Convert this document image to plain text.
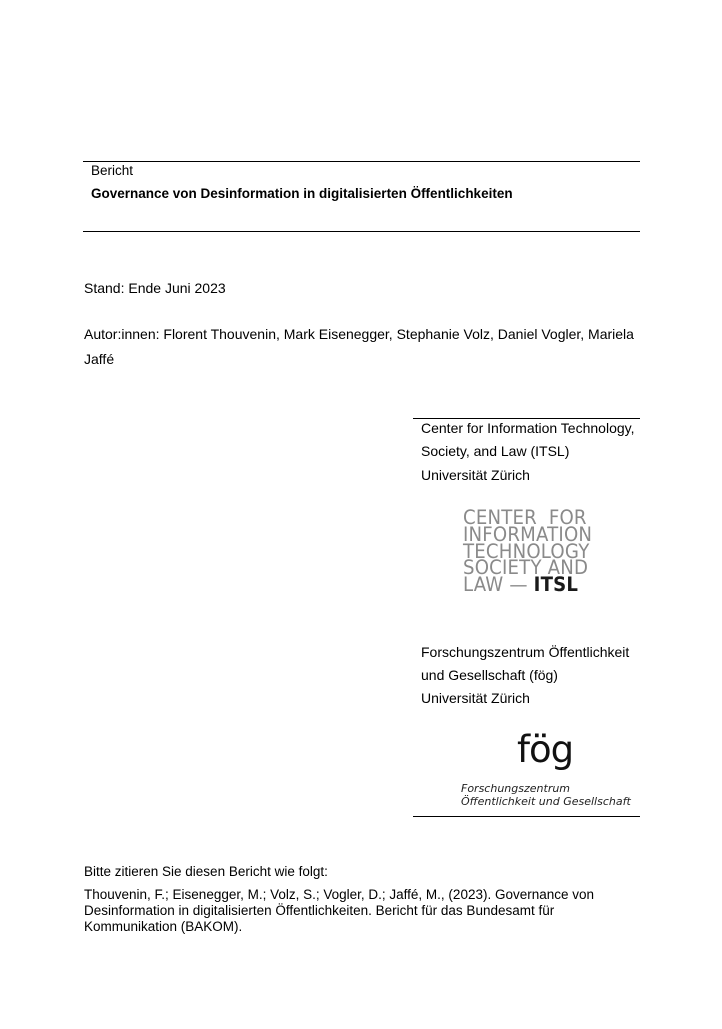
Bericht
Governance von Desinformation in digitalisierten Öffentlichkeiten
Stand: Ende Juni 2023
Autor:innen: Florent Thouvenin, Mark Eisenegger, Stephanie Volz, Daniel Vogler, Mariela
Jaffé
Center for Information Technology,
Society, and Law (ITSL)
Universität Zürich
CENTER  FOR
INFORMATION
TECHNOLOGY
SOCIETY AND
LAW — ITSL
Forschungszentrum Öffentlichkeit
und Gesellschaft (fög)
Universität Zürich
fög
Forschungszentrum
Öffentlichkeit und Gesellschaft
Bitte zitieren Sie diesen Bericht wie folgt:
Thouvenin, F.; Eisenegger, M.; Volz, S.; Vogler, D.; Jaffé, M., (2023). Governance von
Desinformation in digitalisierten Öffentlichkeiten. Bericht für das Bundesamt für
Kommunikation (BAKOM).
